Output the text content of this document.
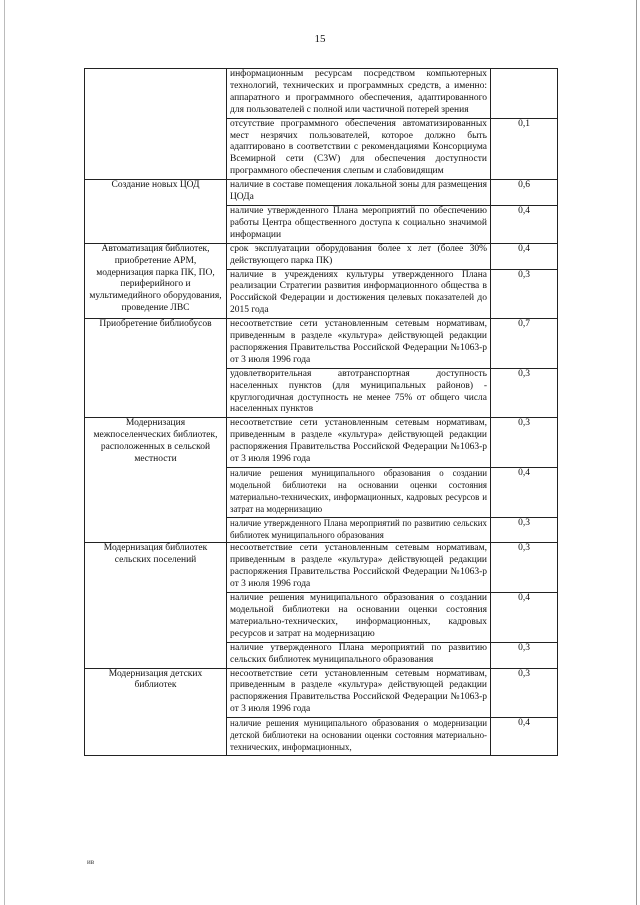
15
	информационным ресурсам посредством компьютерных технологий, технических и программных средств, а именно: аппаратного и программного обеспечения, адаптированного для пользователей с полной или частичной потерей зрения	
	отсутствие программного обеспечения автоматизированных мест незрячих пользователей, которое должно быть адаптировано в соответствии с рекомендациями Консорциума Всемирной сети (С3W) для обеспечения доступности программного обеспечения слепым и слабовидящим	0,1
Создание новых ЦОД	наличие в составе помещения локальной зоны для размещения ЦОДа	0,6
	наличие утвержденного Плана мероприятий по обеспечению работы Центра общественного доступа к социально значимой информации	0,4
Автоматизация библиотек, приобретение АРМ, модернизация парка ПК, ПО, периферийного и мультимедийного оборудования, проведение ЛВС	срок эксплуатации оборудования более х лет (более 30% действующего парка ПК)	0,4
	наличие в учреждениях культуры утвержденного Плана реализации Стратегии развития информационного общества в Российской Федерации и достижения целевых показателей до 2015 года	0,3
Приобретение библиобусов	несоответствие сети установленным сетевым нормативам, приведенным в разделе «культура» действующей редакции распоряжения Правительства Российской Федерации №1063-р от 3 июля 1996 года	0,7
	удовлетворительная автотранспортная доступность населенных пунктов (для муниципальных районов) - круглогодичная доступность не менее 75% от общего числа населенных пунктов	0,3
Модернизация межпоселенческих библиотек, расположенных в сельской местности	несоответствие сети установленным сетевым нормативам, приведенным в разделе «культура» действующей редакции распоряжения Правительства Российской Федерации №1063-р от 3 июля 1996 года	0,3
	наличие решения муниципального образования о создании модельной библиотеки на основании оценки состояния материально-технических, информационных, кадровых ресурсов и затрат на модернизацию	0,4
	наличие утвержденного Плана мероприятий по развитию сельских библиотек муниципального образования	0,3
Модернизация библиотек сельских поселений	несоответствие сети установленным сетевым нормативам, приведенным в разделе «культура» действующей редакции распоряжения Правительства Российской Федерации №1063-р от 3 июля 1996 года	0,3
	наличие решения муниципального образования о создании модельной библиотеки на основании оценки состояния материально-технических, информационных, кадровых ресурсов и затрат на модернизацию	0,4
	наличие утвержденного Плана мероприятий по развитию сельских библиотек муниципального образования	0,3
Модернизация детских библиотек	несоответствие сети установленным сетевым нормативам, приведенным в разделе «культура» действующей редакции распоряжения Правительства Российской Федерации №1063-р от 3 июля 1996 года	0,3
	наличие решения муниципального образования о модернизации детской библиотеки на основании оценки состояния материально-технических, информационных,	0,4
ив
